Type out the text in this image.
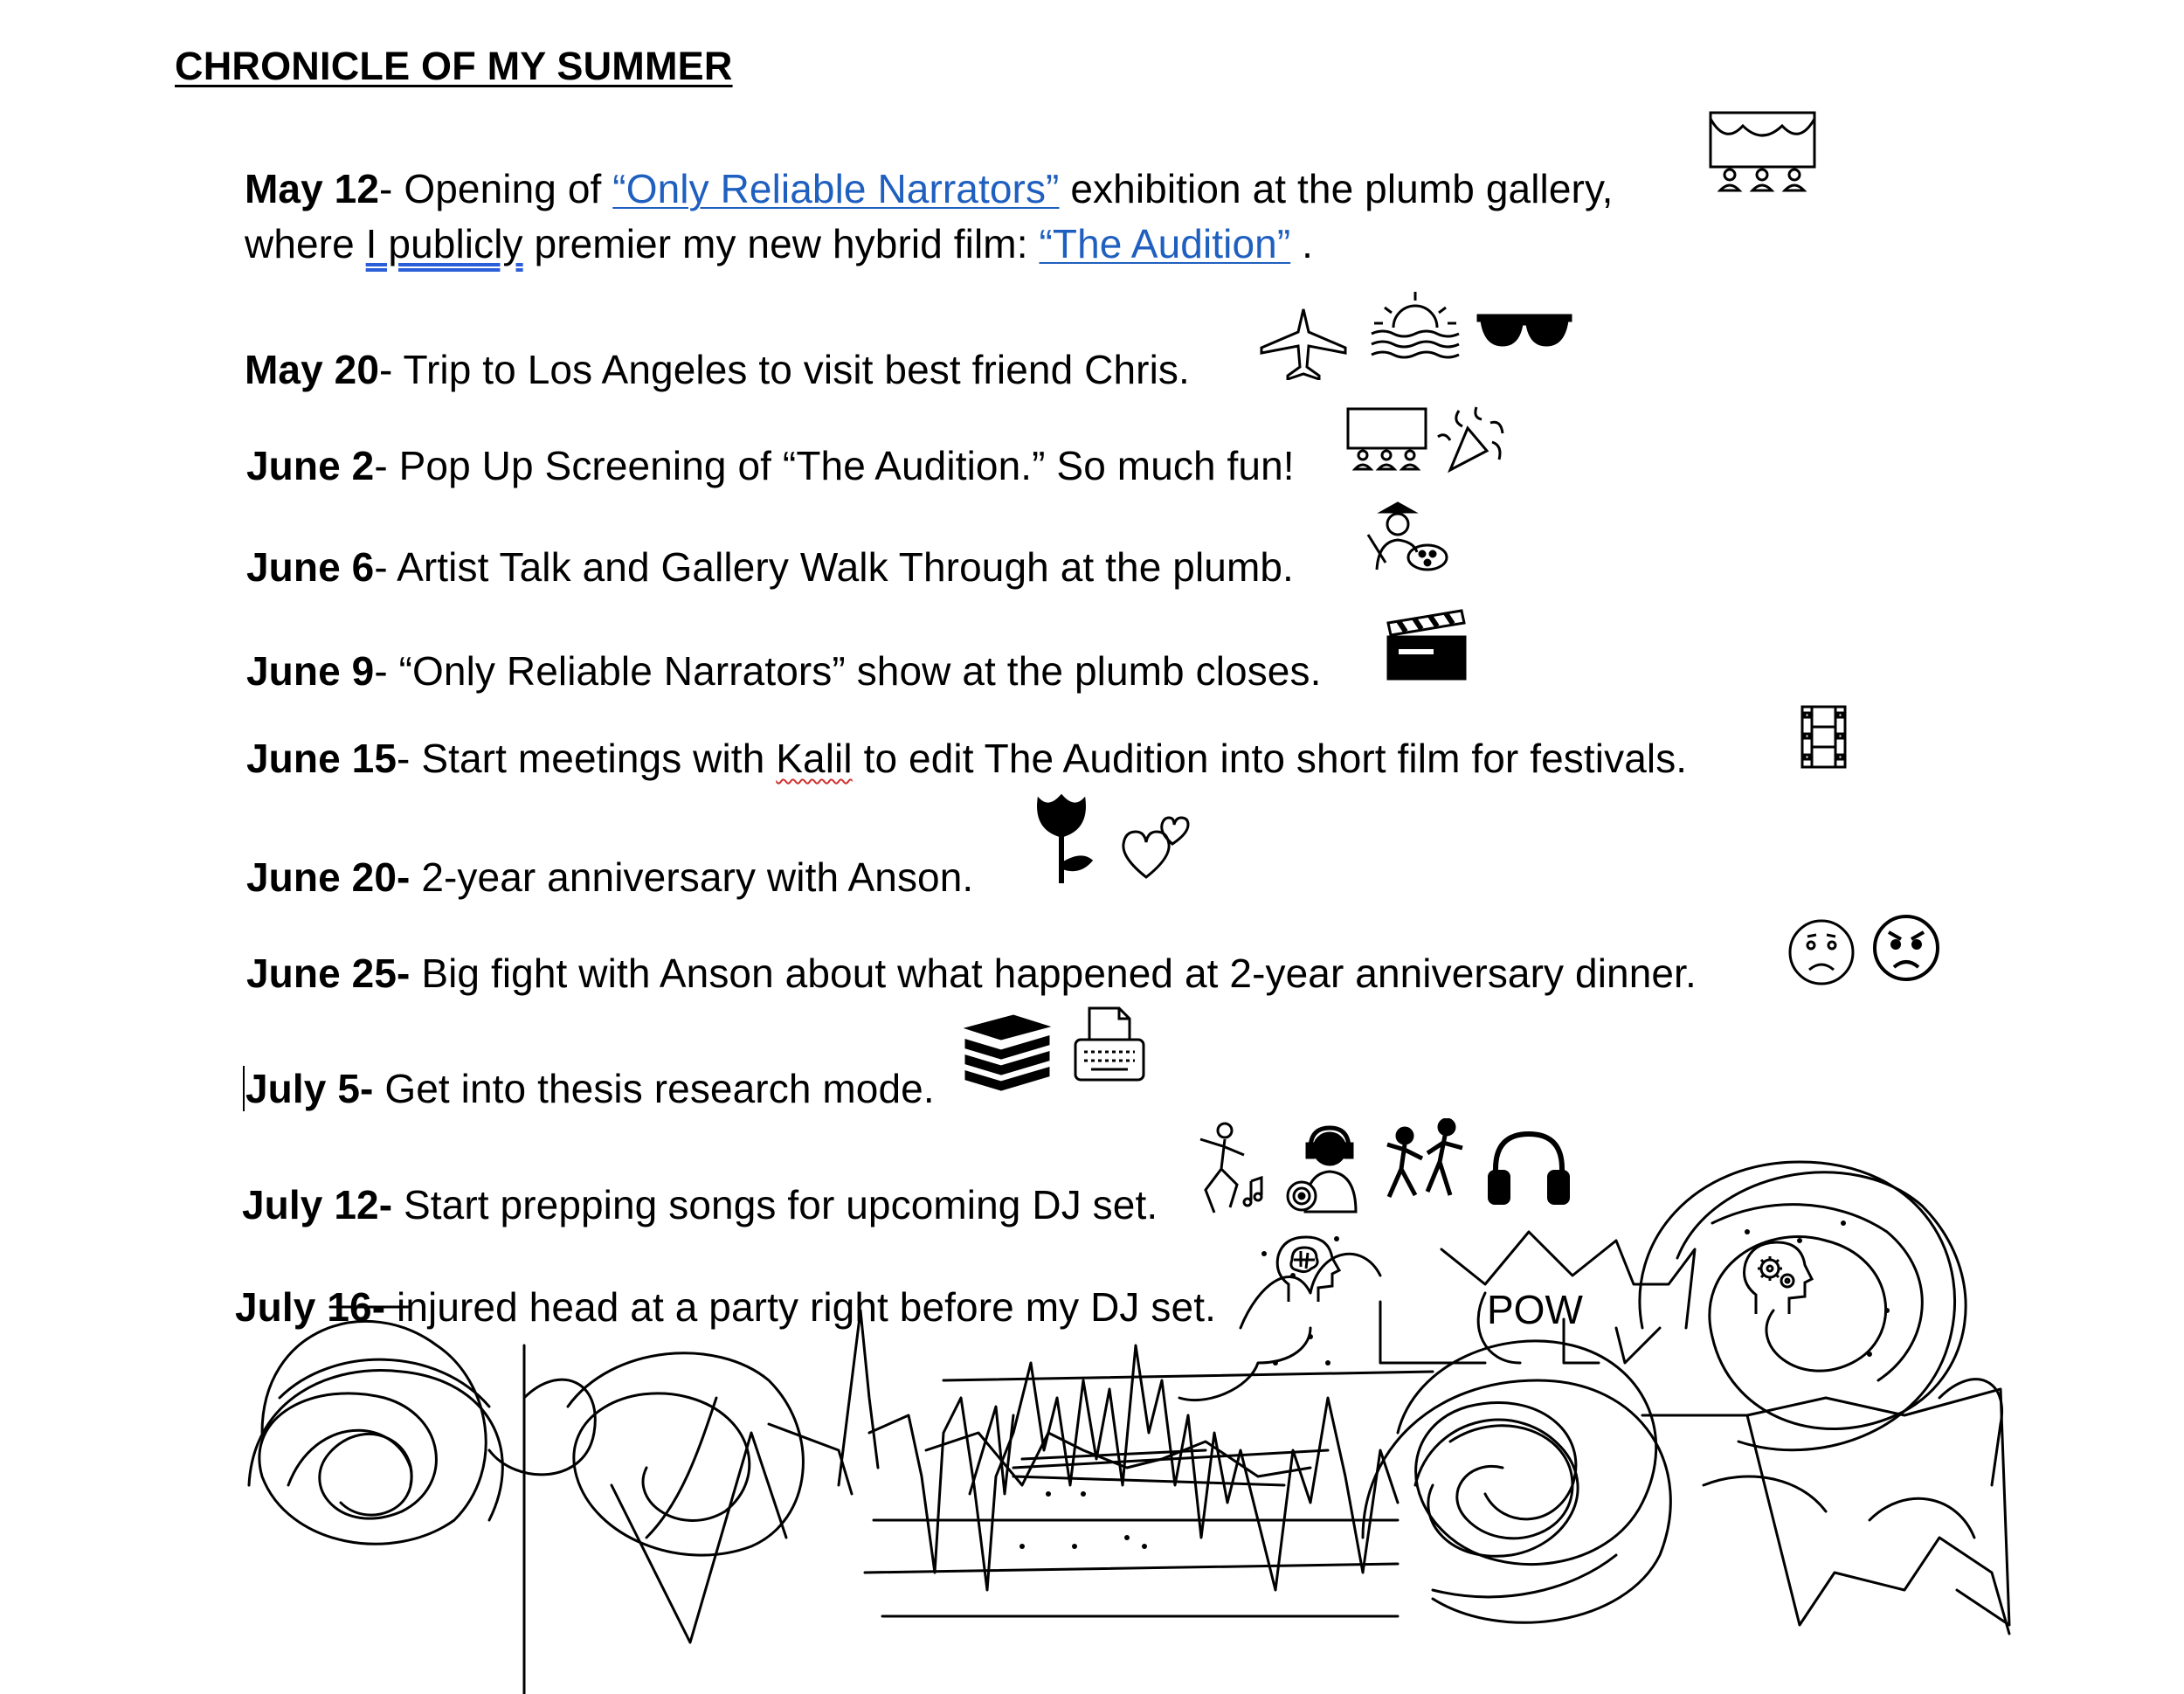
CHRONICLE OF MY SUMMER

May 12- Opening of “Only Reliable Narrators” exhibition at the plumb gallery,

where I publicly premier my new hybrid film: “The Audition” .

May 20- Trip to Los Angeles to visit best friend Chris.

June 2- Pop Up Screening of “The Audition.” So much fun!

June 6- Artist Talk and Gallery Walk Through at the plumb.

June 9- “Only Reliable Narrators” show at the plumb closes.

June 15- Start meetings with Kalil to edit The Audition into short film for festivals.

June 20- 2-year anniversary with Anson.

June 25- Big fight with Anson about what happened at 2-year anniversary dinner.

July 5- Get into thesis research mode.

July 12- Start prepping songs for upcoming DJ set.

July 16- injured head at a party right before my DJ set.	POW
